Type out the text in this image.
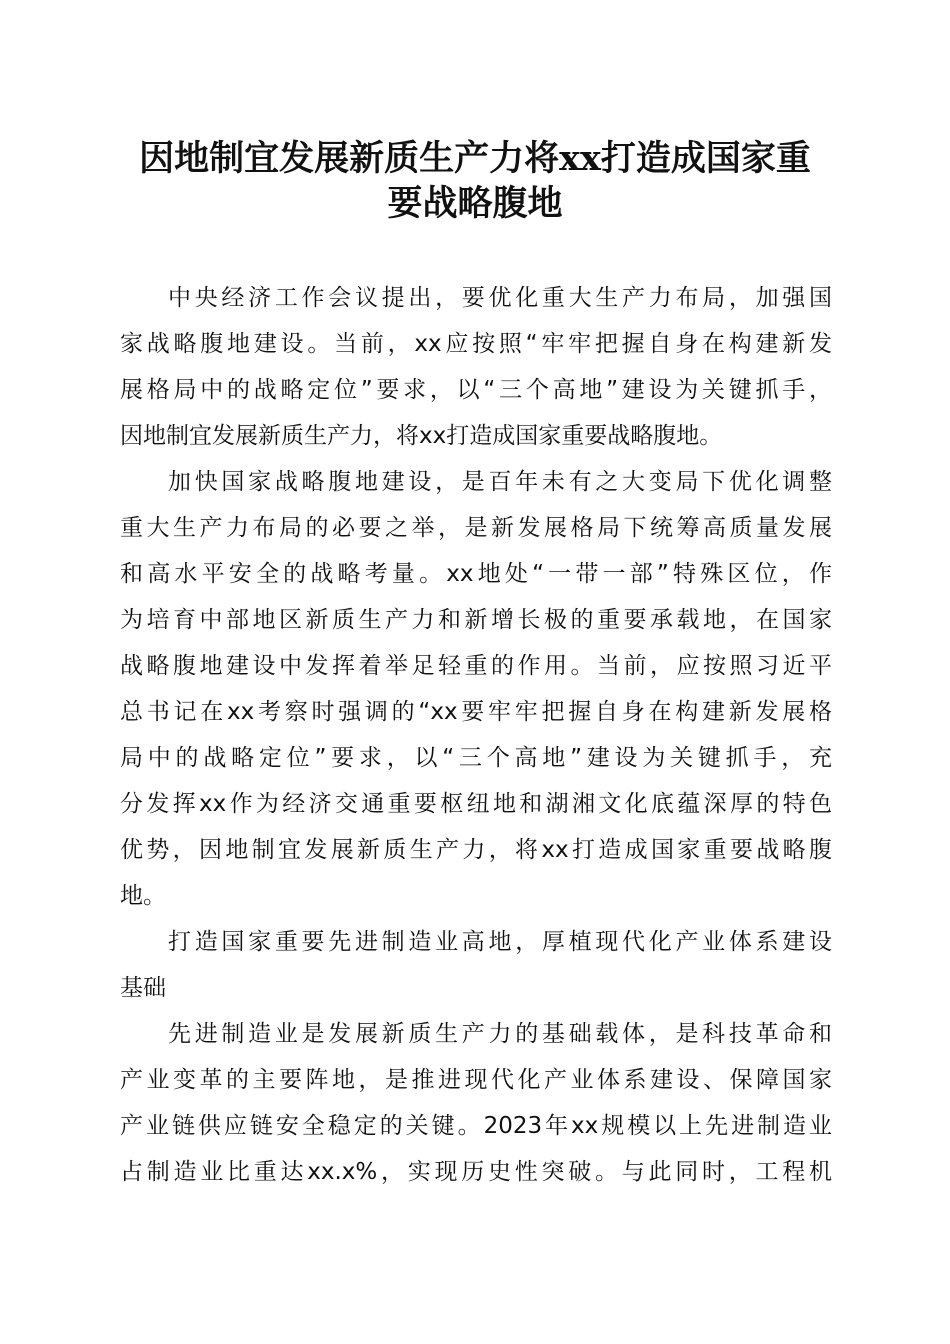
因地制宜发展新质生产力将xx打造成国家重
要战略腹地
中央经济工作会议提出，要优化重大生产力布局，加强国
家战略腹地建设。当前，xx应按照“牢牢把握自身在构建新发
展格局中的战略定位”要求，以“三个高地”建设为关键抓手，
因地制宜发展新质生产力，将xx打造成国家重要战略腹地。
加快国家战略腹地建设，是百年未有之大变局下优化调整
重大生产力布局的必要之举，是新发展格局下统筹高质量发展
和高水平安全的战略考量。xx地处“一带一部”特殊区位，作
为培育中部地区新质生产力和新增长极的重要承载地，在国家
战略腹地建设中发挥着举足轻重的作用。当前，应按照习近平
总书记在xx考察时强调的“xx要牢牢把握自身在构建新发展格
局中的战略定位”要求，以“三个高地”建设为关键抓手，充
分发挥xx作为经济交通重要枢纽地和湖湘文化底蕴深厚的特色
优势，因地制宜发展新质生产力，将xx打造成国家重要战略腹
地。
打造国家重要先进制造业高地，厚植现代化产业体系建设
基础
先进制造业是发展新质生产力的基础载体，是科技革命和
产业变革的主要阵地，是推进现代化产业体系建设、保障国家
产业链供应链安全稳定的关键。2023年xx规模以上先进制造业
占制造业比重达xx.x%，实现历史性突破。与此同时，工程机
